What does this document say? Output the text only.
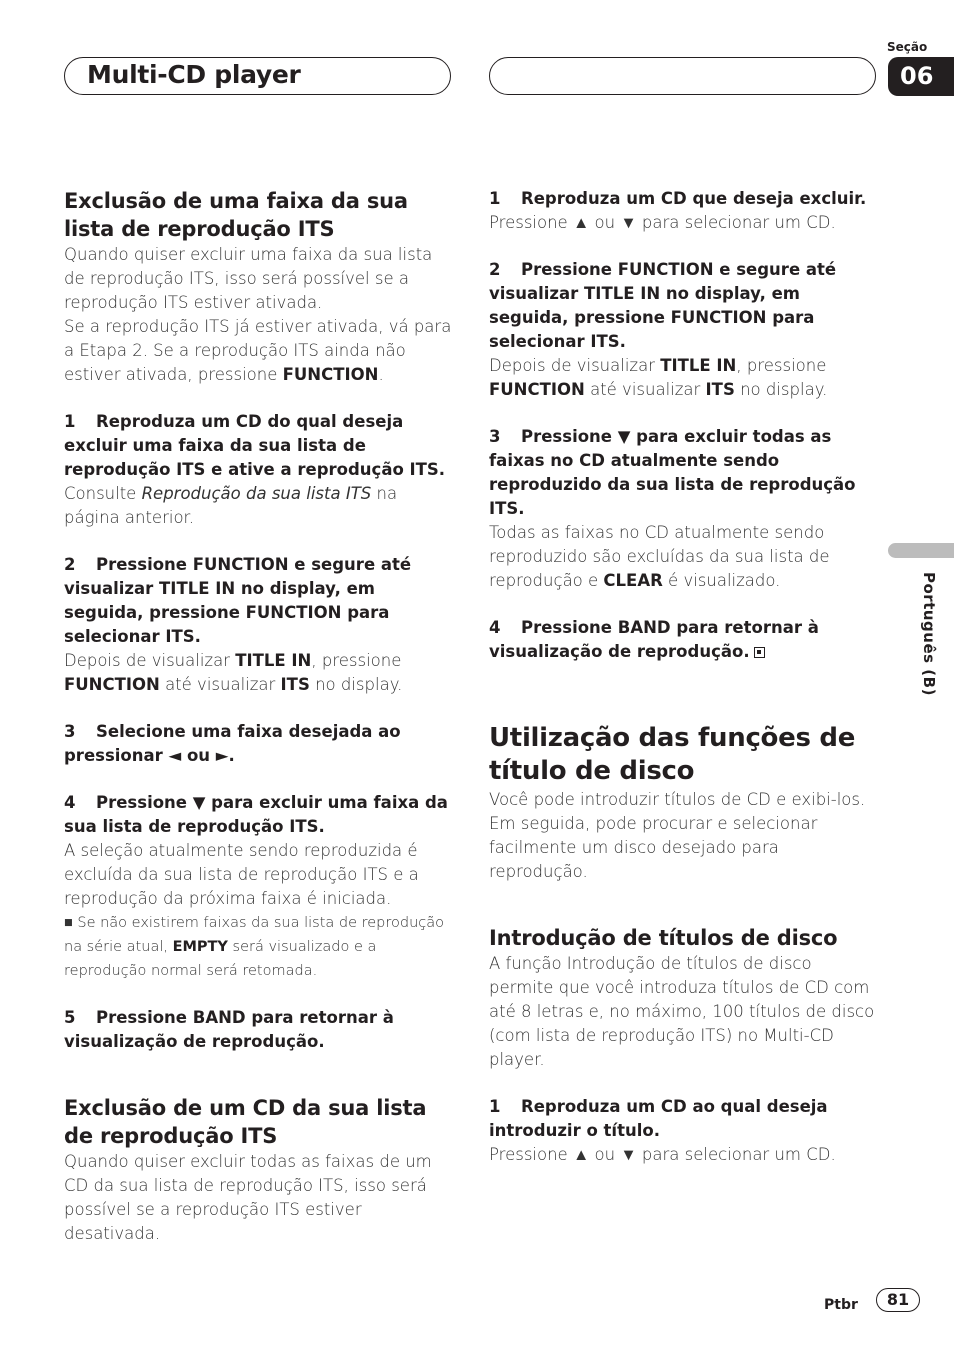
Multi-CD player
Seção
06
Português (B)
Exclusão de uma faixa da sua lista de reprodução ITS

Quando quiser excluir uma faixa da sua lista de reprodução ITS, isso será possível se a reprodução ITS estiver ativada.

Se a reprodução ITS já estiver ativada, vá para a Etapa 2. Se a reprodução ITS ainda não estiver ativada, pressione FUNCTION.

1 Reproduza um CD do qual deseja excluir uma faixa da sua lista de reprodução ITS e ative a reprodução ITS.

Consulte Reprodução da sua lista ITS na página anterior.

2 Pressione FUNCTION e segure até visualizar TITLE IN no display, em seguida, pressione FUNCTION para selecionar ITS.

Depois de visualizar TITLE IN, pressione FUNCTION até visualizar ITS no display.

3 Selecione uma faixa desejada ao pressionar ◄ ou ►.

4 Pressione ▼ para excluir uma faixa da sua lista de reprodução ITS.

A seleção atualmente sendo reproduzida é excluída da sua lista de reprodução ITS e a reprodução da próxima faixa é iniciada.

■ Se não existirem faixas da sua lista de reprodução na série atual, EMPTY será visualizado e a reprodução normal será retomada.

5 Pressione BAND para retornar à visualização de reprodução.

Exclusão de um CD da sua lista de reprodução ITS

Quando quiser excluir todas as faixas de um CD da sua lista de reprodução ITS, isso será possível se a reprodução ITS estiver desativada.

1 Reproduza um CD que deseja excluir.

Pressione ▲ ou ▼ para selecionar um CD.

2 Pressione FUNCTION e segure até visualizar TITLE IN no display, em seguida, pressione FUNCTION para selecionar ITS.

Depois de visualizar TITLE IN, pressione FUNCTION até visualizar ITS no display.

3 Pressione ▼ para excluir todas as faixas no CD atualmente sendo reproduzido da sua lista de reprodução ITS.

Todas as faixas no CD atualmente sendo reproduzido são excluídas da sua lista de reprodução e CLEAR é visualizado.

4 Pressione BAND para retornar à visualização de reprodução.

Utilização das funções de título de disco

Você pode introduzir títulos de CD e exibi-los. Em seguida, pode procurar e selecionar facilmente um disco desejado para reprodução.

Introdução de títulos de disco

A função Introdução de títulos de disco permite que você introduza títulos de CD com até 8 letras e, no máximo, 100 títulos de disco (com lista de reprodução ITS) no Multi-CD player.

1 Reproduza um CD ao qual deseja introduzir o título.

Pressione ▲ ou ▼ para selecionar um CD.

Ptbr	81
